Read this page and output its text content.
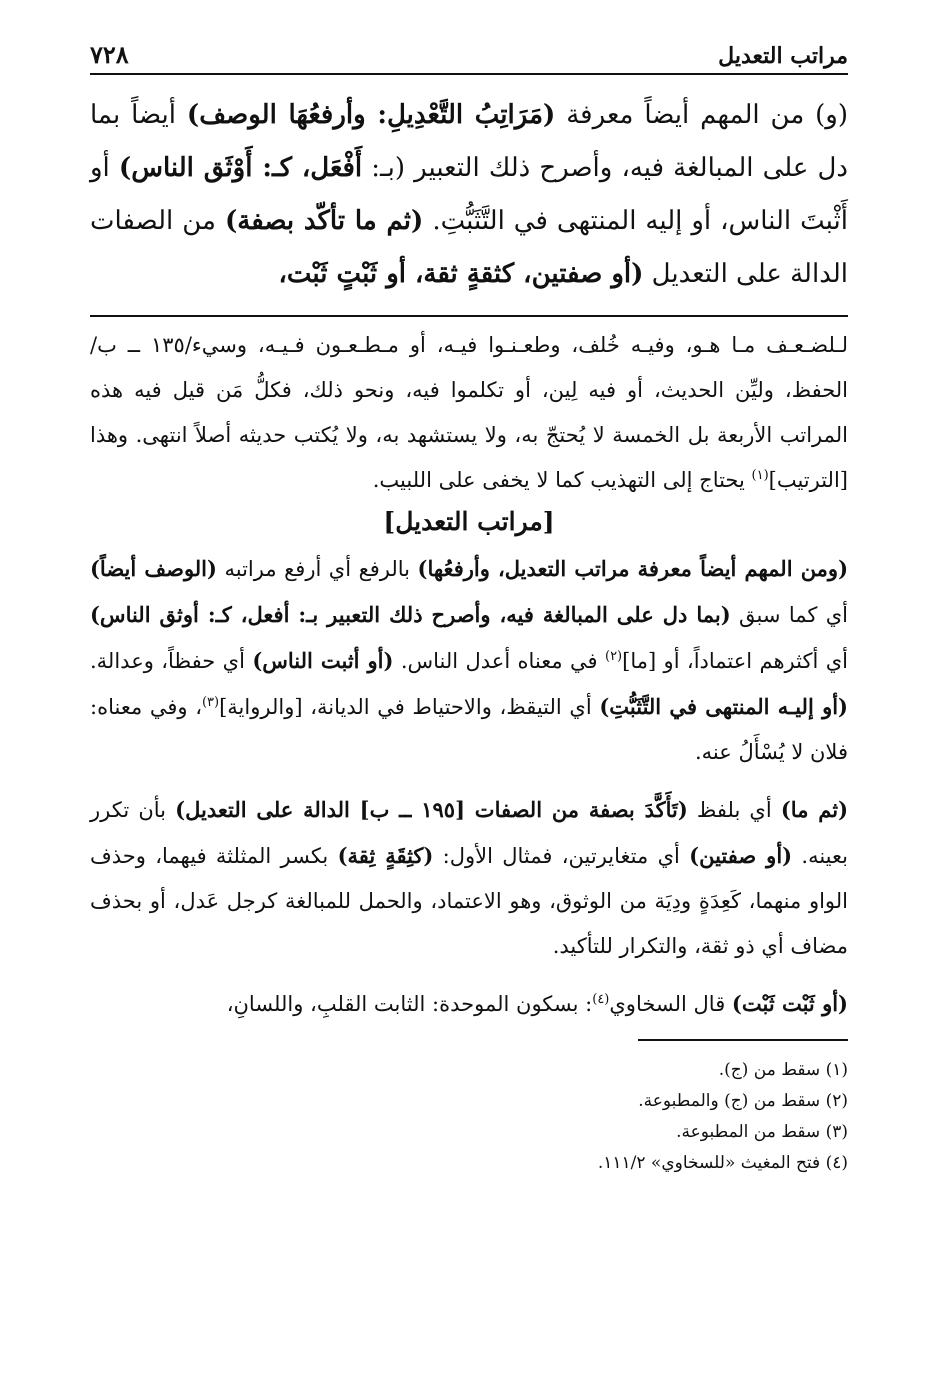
مراتب التعديل
٧٢٨

(و) من المهم أيضاً معرفة (مَرَاتِبُ التَّعْدِيلِ: وأرفعُهَا الوصف) أيضاً بما دل على المبالغة فيه، وأصرح ذلك التعبير (بـ: أَفْعَل، كـ: أَوْثَق الناس) أو أَثْبتَ الناس، أو إليه المنتهى في التَّثَبُّتِ. (ثم ما تأكّد بصفة) من الصفات الدالة على التعديل (أو صفتين، كثقةٍ ثقة، أو ثَبْتٍ ثَبْت،

لـلضـعـف مـا هـو، وفيـه خُلف، وطعـنـوا فيـه، أو مـطـعـون فـيـه، وسيء/١٣٥ ــ ب/الحفظ، وليِّن الحديث، أو فيه لِين، أو تكلموا فيه، ونحو ذلك، فكلُّ مَن قيل فيه هذه المراتب الأربعة بل الخمسة لا يُحتجّ به، ولا يستشهد به، ولا يُكتب حديثه أصلاً انتهى. وهذا [الترتيب]$^{(١)}$ يحتاج إلى التهذيب كما لا يخفى على اللبيب.

[مراتب التعديل]

(ومن المهم أيضاً معرفة مراتب التعديل، وأرفعُها) بالرفع أي أرفع مراتبه (الوصف أيضاً) أي كما سبق (بما دل على المبالغة فيه، وأصرح ذلك التعبير بـ: أفعل، كـ: أوثق الناس) أي أكثرهم اعتماداً، أو [ما]$^{(٢)}$ في معناه أعدل الناس. (أو أثبت الناس) أي حفظاً، وعدالة. (أو إليـه المنتهى في التَّثَبُّتِ) أي التيقظ، والاحتياط في الديانة، [والرواية]$^{(٣)}$، وفي معناه: فلان لا يُسْأَلُ عنه.

(ثم ما) أي بلفظ (تَأَكَّدَ بصفة من الصفات [١٩٥ ــ ب] الدالة على التعديل) بأن تكرر بعينه. (أو صفتين) أي متغايرتين، فمثال الأول: (كثِقَةٍ ثِقة) بكسر المثلثة فيهما، وحذف الواو منهما، كَعِدَةٍ ودِيَة من الوثوق، وهو الاعتماد، والحمل للمبالغة كرجل عَدل، أو بحذف مضاف أي ذو ثقة، والتكرار للتأكيد.

(أو ثَبْت ثَبْت) قال السخاوي$^{(٤)}$: بسكون الموحدة: الثابت القلبِ، واللسانِ،

(١) سقط من (ج).
(٢) سقط من (ج) والمطبوعة.
(٣) سقط من المطبوعة.
(٤) فتح المغيث «للسخاوي» ١١١/٢.
